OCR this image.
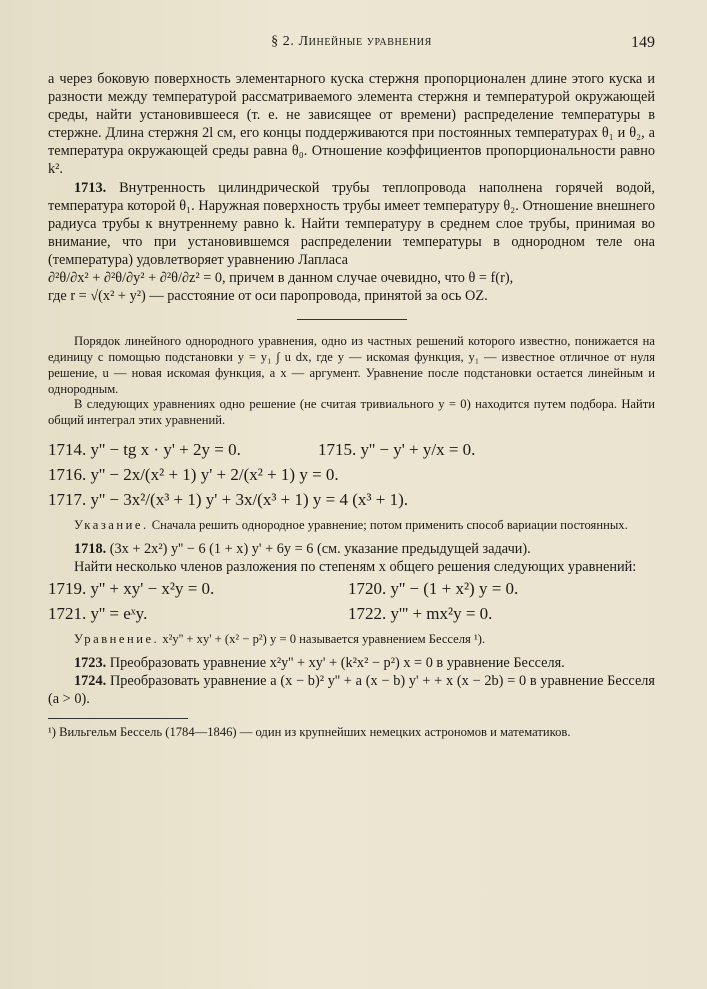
§ 2. Линейные уравнения	149

а через боковую поверхность элементарного куска стержня пропорционален длине этого куска и разности между температурой рассматриваемого элемента стержня и температурой окружающей среды, найти установившееся (т. е. не зависящее от времени) распределение температуры в стержне. Длина стержня 2l см, его концы поддерживаются при постоянных температурах θ₁ и θ₂, а температура окружающей среды равна θ₀. Отношение коэффициентов пропорциональности равно k².

1713. Внутренность цилиндрической трубы теплопровода наполнена горячей водой, температура которой θ₁. Наружная поверхность трубы имеет температуру θ₂. Отношение внешнего радиуса трубы к внутреннему равно k. Найти температуру в среднем слое трубы, принимая во внимание, что при установившемся распределении температуры в однородном теле она (температура) удовлетворяет уравнению Лапласа

∂²θ/∂x² + ∂²θ/∂y² + ∂²θ/∂z² = 0, причем в данном случае очевидно, что θ = f(r),

где r = √(x² + y²) — расстояние от оси паропровода, принятой за ось OZ.

Порядок линейного однородного уравнения, одно из частных решений которого известно, понижается на единицу с помощью подстановки y = y₁ ∫ u dx, где y — искомая функция, y₁ — известное отличное от нуля решение, u — новая искомая функция, а x — аргумент. Уравнение после подстановки остается линейным и однородным.

В следующих уравнениях одно решение (не считая тривиального y = 0) находится путем подбора. Найти общий интеграл этих уравнений.

1714. y'' − tg x · y' + 2y = 0.	1715. y'' − y' + y/x = 0.
1716. y'' − 2x/(x² + 1) y' + 2/(x² + 1) y = 0.
1717. y'' − 3x²/(x³ + 1) y' + 3x/(x³ + 1) y = 4 (x³ + 1).

Указание. Сначала решить однородное уравнение; потом применить способ вариации постоянных.

1718. (3x + 2x²) y'' − 6 (1 + x) y' + 6y = 6 (см. указание предыдущей задачи).

Найти несколько членов разложения по степеням x общего решения следующих уравнений:

1719. y'' + xy' − x²y = 0.	1720. y'' − (1 + x²) y = 0.
1721. y'' = eˣy.	1722. y''' + mx²y = 0.

Уравнение. x²y'' + xy' + (x² − p²) y = 0 называется уравнением Бесселя ¹).

1723. Преобразовать уравнение x²y'' + xy' + (k²x² − p²) x = 0 в уравнение Бесселя.

1724. Преобразовать уравнение a (x − b)² y'' + a (x − b) y' + + x (x − 2b) = 0 в уравнение Бесселя (a > 0).

¹) Вильгельм Бессель (1784—1846) — один из крупнейших немецких астрономов и математиков.
